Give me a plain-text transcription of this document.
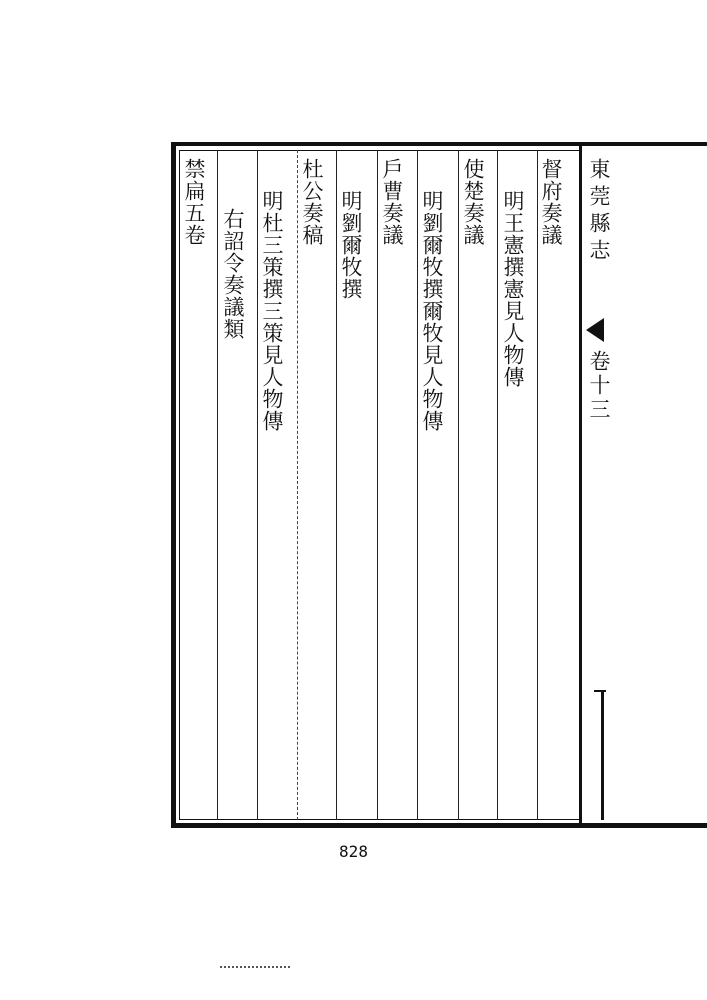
東莞縣志
卷十三
督府奏議
明王憲撰憲見人物傳
使楚奏議
明劉爾牧撰爾牧見人物傳
戶曹奏議
明劉爾牧撰
杜公奏稿
明杜三策撰三策見人物傳
右詔令奏議類
禁扁五卷
828
